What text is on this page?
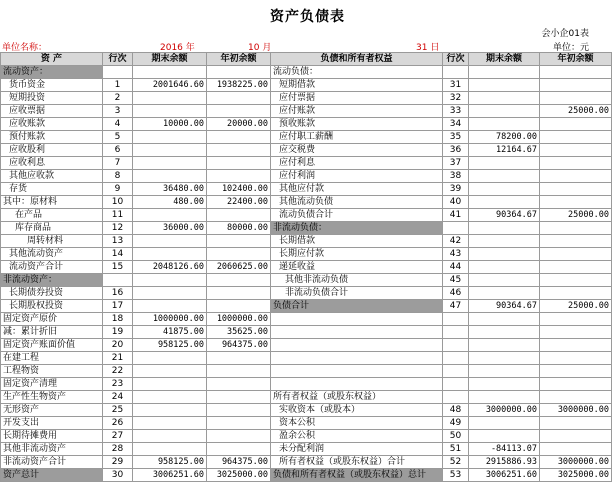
资产负债表
会小企01表
单位名称：	2016 年	10 月	31 日	单位：元
资 产	行次	期末余额	年初余额	负债和所有者权益	行次	期末余额	年初余额
流动资产：				流动负债：			
货币资金	1	2001646.60	1938225.00	短期借款	31		
短期投资	2			应付票据	32		
应收票据	3			应付账款	33		25000.00
应收账款	4	10000.00	20000.00	预收账款	34		
预付账款	5			应付职工薪酬	35	78200.00	
应收股利	6			应交税费	36	12164.67	
应收利息	7			应付利息	37		
其他应收款	8			应付利润	38		
存货	9	36480.00	102400.00	其他应付款	39		
其中：原材料	10	480.00	22400.00	其他流动负债	40		
在产品	11			流动负债合计	41	90364.67	25000.00
库存商品	12	36000.00	80000.00	非流动负债：			
周转材料	13			长期借款	42		
其他流动资产	14			长期应付款	43		
流动资产合计	15	2048126.60	2060625.00	递延收益	44		
非流动资产：				其他非流动负债	45		
长期债券投资	16			非流动负债合计	46		
长期股权投资	17			负债合计	47	90364.67	25000.00
固定资产原价	18	1000000.00	1000000.00				
减：累计折旧	19	41875.00	35625.00				
固定资产账面价值	20	958125.00	964375.00				
在建工程	21						
工程物资	22						
固定资产清理	23						
生产性生物资产	24			所有者权益（或股东权益）			
无形资产	25			实收资本（或股本）	48	3000000.00	3000000.00
开发支出	26			资本公积	49		
长期待摊费用	27			盈余公积	50		
其他非流动资产	28			未分配利润	51	-84113.07	
非流动资产合计	29	958125.00	964375.00	所有者权益（或股东权益）合计	52	2915886.93	3000000.00
资产总计	30	3006251.60	3025000.00	负债和所有者权益（或股东权益）总计	53	3006251.60	3025000.00
